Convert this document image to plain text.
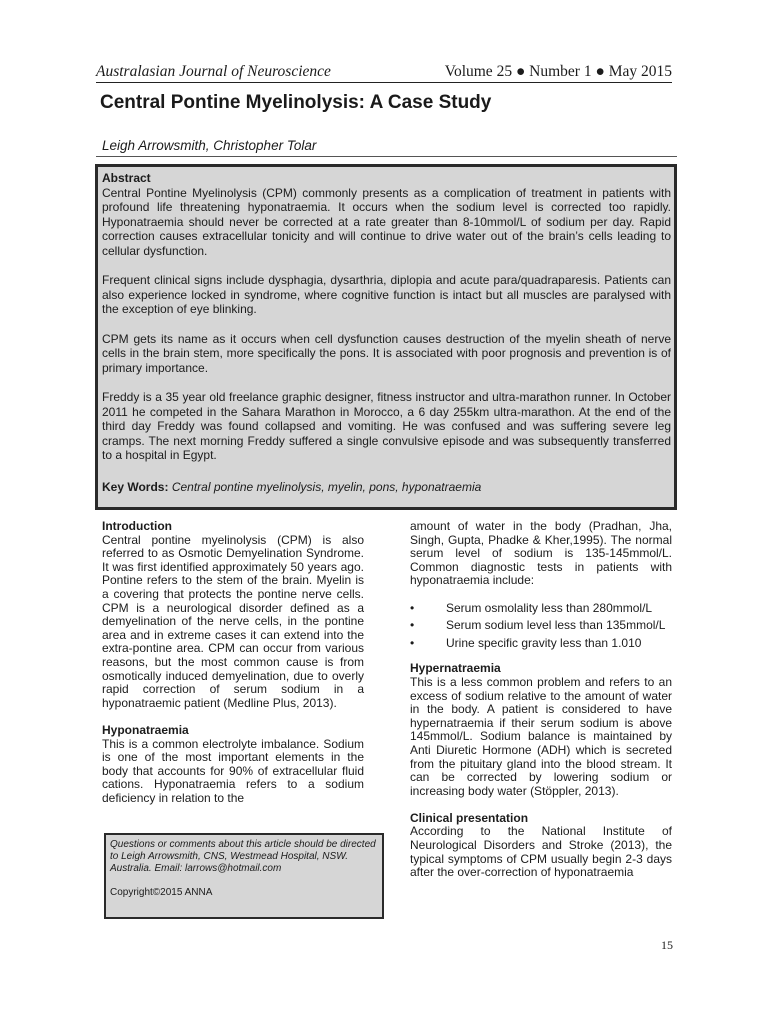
Australasian Journal of Neuroscience	Volume 25 ● Number 1 ● May 2015
Central Pontine Myelinolysis: A Case Study
Leigh Arrowsmith, Christopher Tolar
Abstract

Central Pontine Myelinolysis (CPM) commonly presents as a complication of treatment in patients with profound life threatening hyponatraemia. It occurs when the sodium level is corrected too rapidly. Hyponatraemia should never be corrected at a rate greater than 8-10mmol/L of sodium per day. Rapid correction causes extracellular tonicity and will continue to drive water out of the brain’s cells leading to cellular dysfunction.

Frequent clinical signs include dysphagia, dysarthria, diplopia and acute para/quadraparesis. Patients can also experience locked in syndrome, where cognitive function is intact but all muscles are paralysed with the exception of eye blinking.

CPM gets its name as it occurs when cell dysfunction causes destruction of the myelin sheath of nerve cells in the brain stem, more specifically the pons. It is associated with poor prognosis and prevention is of primary importance.

Freddy is a 35 year old freelance graphic designer, fitness instructor and ultra-marathon runner. In October 2011 he competed in the Sahara Marathon in Morocco, a 6 day 255km ultra-marathon. At the end of the third day Freddy was found collapsed and vomiting. He was confused and was suffering severe leg cramps. The next morning Freddy suffered a single convulsive episode and was subsequently transferred to a hospital in Egypt.

Key Words: Central pontine myelinolysis, myelin, pons, hyponatraemia
Introduction

Central pontine myelinolysis (CPM) is also referred to as Osmotic Demyelination Syndrome. It was first identified approximately 50 years ago. Pontine refers to the stem of the brain. Myelin is a covering that protects the pontine nerve cells. CPM is a neurological disorder defined as a demyelination of the nerve cells, in the pontine area and in extreme cases it can extend into the extra-pontine area. CPM can occur from various reasons, but the most common cause is from osmotically induced demyelination, due to overly rapid correction of serum sodium in a hyponatraemic patient (Medline Plus, 2013).

Hyponatraemia

This is a common electrolyte imbalance. Sodium is one of the most important elements in the body that accounts for 90% of extracellular fluid cations. Hyponatraemia refers to a sodium deficiency in relation to the

Questions or comments about this article should be directed to Leigh Arrowsmith, CNS, Westmead Hospital, NSW. Australia. Email: larrows@hotmail.com
Copyright©2015 ANNA

amount of water in the body (Pradhan, Jha, Singh, Gupta, Phadke & Kher,1995). The normal serum level of sodium is 135-145mmol/L. Common diagnostic tests in patients with hyponatraemia include:

•	Serum osmolality less than 280mmol/L
•	Serum sodium level less than 135mmol/L
•	Urine specific gravity less than 1.010
Hypernatraemia

This is a less common problem and refers to an excess of sodium relative to the amount of water in the body. A patient is considered to have hypernatraemia if their serum sodium is above 145mmol/L. Sodium balance is maintained by Anti Diuretic Hormone (ADH) which is secreted from the pituitary gland into the blood stream. It can be corrected by lowering sodium or increasing body water (Stöppler, 2013).

Clinical presentation

According to the National Institute of Neurological Disorders and Stroke (2013), the typical symptoms of CPM usually begin 2-3 days after the over-correction of hyponatraemia

15
